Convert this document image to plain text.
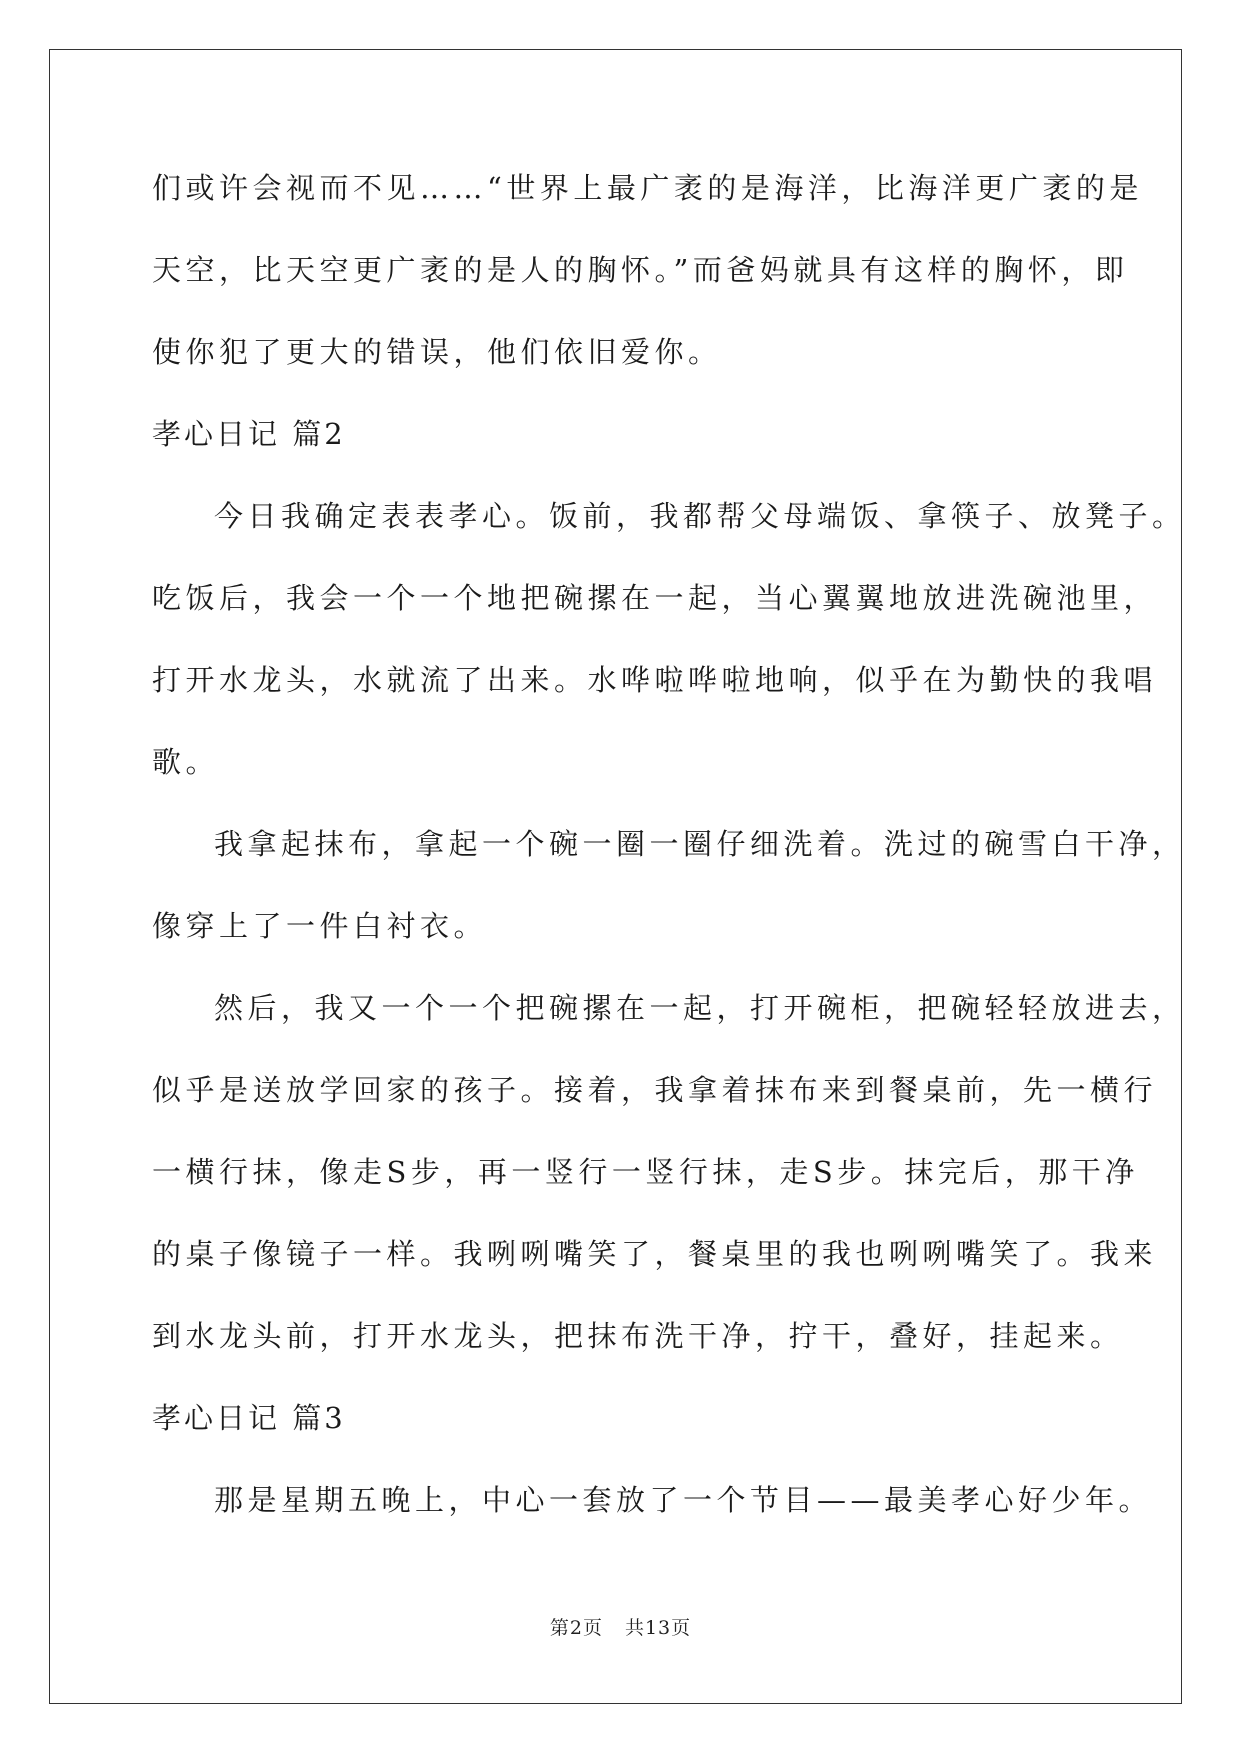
们或许会视而不见……“世界上最广袤的是海洋，比海洋更广袤的是
天空，比天空更广袤的是人的胸怀。”而爸妈就具有这样的胸怀，即
使你犯了更大的错误，他们依旧爱你。
孝心日记 篇2
今日我确定表表孝心。饭前，我都帮父母端饭、拿筷子、放凳子。
吃饭后，我会一个一个地把碗摞在一起，当心翼翼地放进洗碗池里，
打开水龙头，水就流了出来。水哗啦哗啦地响，似乎在为勤快的我唱
歌。
我拿起抹布，拿起一个碗一圈一圈仔细洗着。洗过的碗雪白干净，
像穿上了一件白衬衣。
然后，我又一个一个把碗摞在一起，打开碗柜，把碗轻轻放进去，
似乎是送放学回家的孩子。接着，我拿着抹布来到餐桌前，先一横行
一横行抹，像走S步，再一竖行一竖行抹，走S步。抹完后，那干净
的桌子像镜子一样。我咧咧嘴笑了，餐桌里的我也咧咧嘴笑了。我来
到水龙头前，打开水龙头，把抹布洗干净，拧干，叠好，挂起来。
孝心日记 篇3
那是星期五晚上，中心一套放了一个节目——最美孝心好少年。
第2页 共13页
